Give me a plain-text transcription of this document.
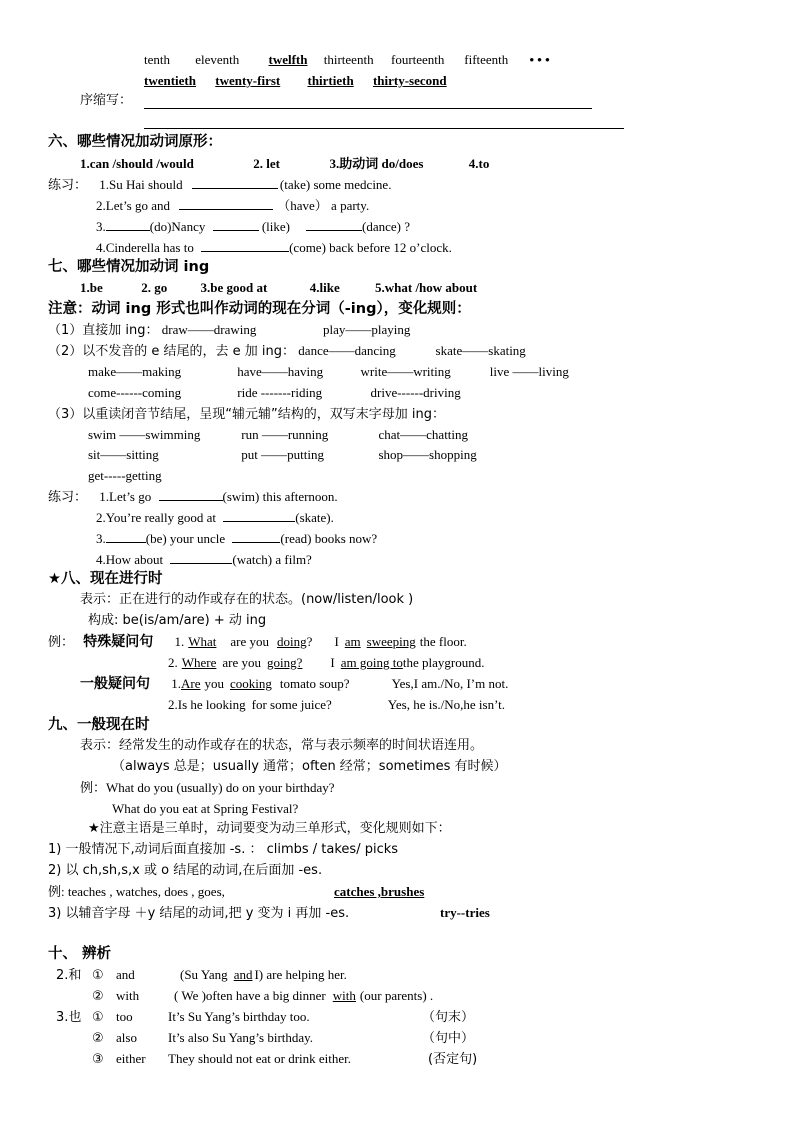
tenth eleventh twelfth thirteenth fourteenth fifteenth • • •
twentieth twenty-first thirtieth thirty-second
序缩写：
六、哪些情况加动词原形：
1.can /should /would	2. let	3.助动词 do/does	4.to
练习： 1.Su Hai should	(take) some medcine.
2.Let’s go and	（have） a party.
3.	(do)Nancy	(like)	(dance) ?
4.Cinderella has to	(come) back before 12 o’clock.
七、哪些情况加动词 ing
1.be	2. go	3.be good at	4.like	5.what /how about
注意：动词 ing 形式也叫作动词的现在分词（-ing），变化规则：
（1）直接加 ing： draw——drawing	play——playing
（2）以不发音的 e 结尾的，去 e 加 ing： dance——dancing	skate——skating
make——making	have——having	write——writing	live ——living
come------coming	ride -------riding	drive------driving
（3）以重读闭音节结尾，呈现“辅元辅”结构的，双写末字母加 ing：
swim ——swimming	run ——running	chat——chatting
sit——sitting	put ——putting	shop——shopping
get-----getting
练习： 1.Let’s go	(swim) this afternoon.
2.You’re really good at	(skate).
3.	(be) your uncle	(read) books now?
4.How about	(watch) a film?
★八、现在进行时
表示：正在进行的动作或存在的状态。(now/listen/look )
构成: be(is/am/are) + 动 ing
例： 特殊疑问句 1. What are you doing? I am sweeping the floor.
2. Where are you going? I am going tothe playground.
一般疑问句 1.Are you cooking tomato soup?	Yes,I am./No, I’m not.
2.Is he looking for some juice?	Yes, he is./No,he isn’t.
九、一般现在时
表示：经常发生的动作或存在的状态，常与表示频率的时间状语连用。
（always 总是；usually 通常；often 经常；sometimes 有时候）
例：What do you (usually) do on your birthday?
What do you eat at Spring Festival?
★注意主语是三单时，动词要变为动三单形式，变化规则如下：
1) 一般情况下,动词后面直接加 -s. ： climbs / takes/ picks
2) 以 ch,sh,s,x 或 o 结尾的动词,在后面加 -es.
例: teaches , watches, does , goes,	catches ,brushes
3) 以辅音字母 ＋y 结尾的动词,把 y 变为 i 再加 -es.	try--tries
十、 辨析
2.和 ① and	(Su Yang and I) are helping her.
② with	( We )often have a big dinner with (our parents) .
3.也 ① too	It’s Su Yang’s birthday too.	（句末）
② also It’s also Su Yang’s birthday.	（句中）
③ either They should not eat or drink either.	(否定句)
